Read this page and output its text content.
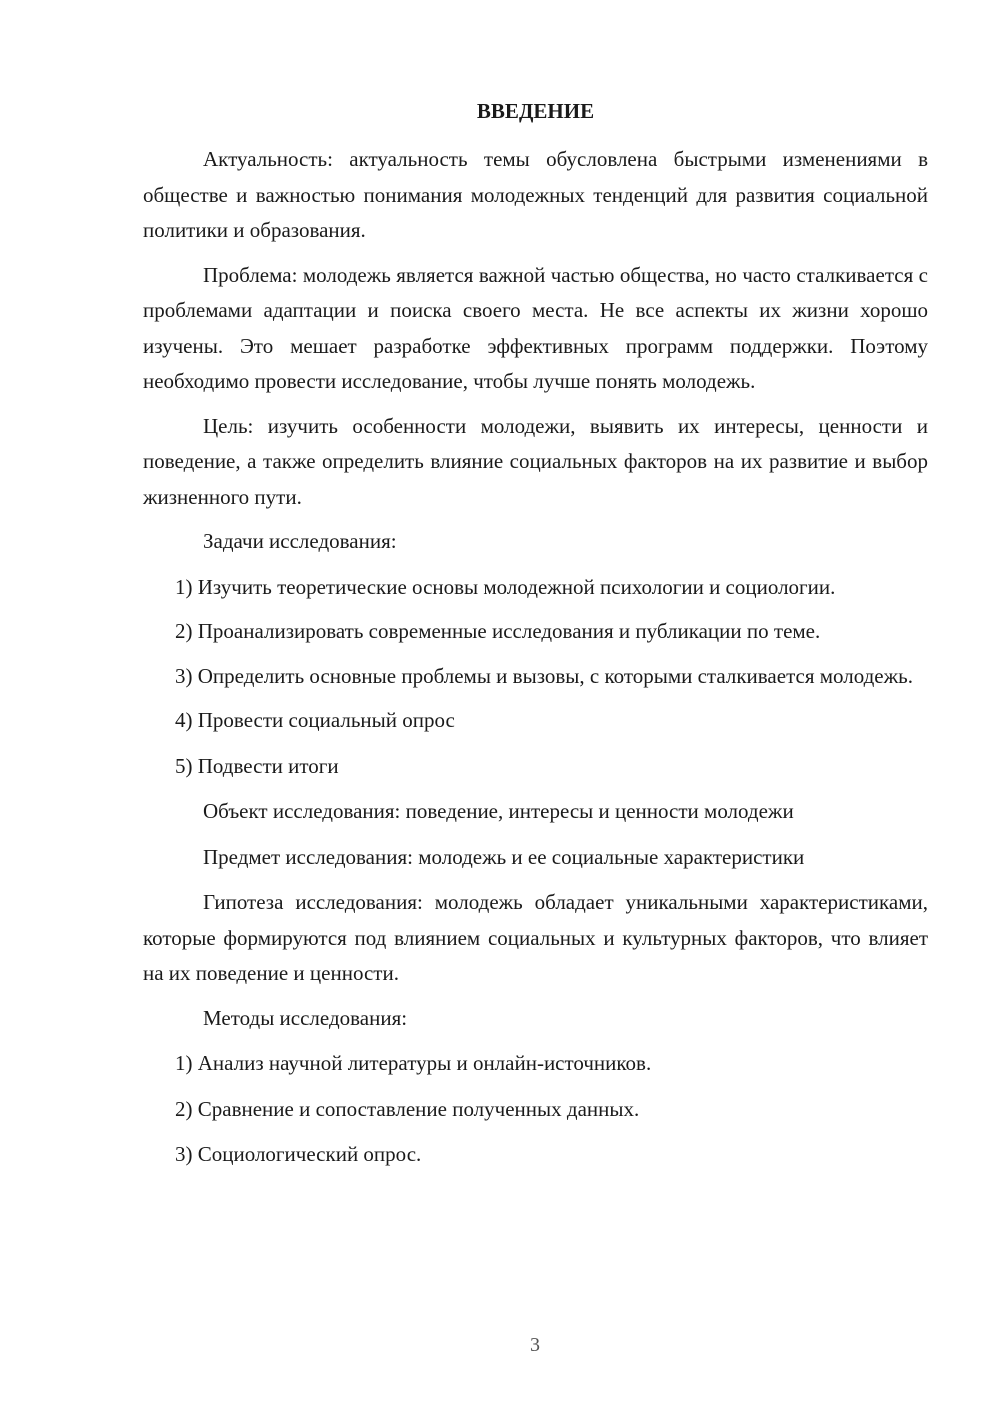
ВВЕДЕНИЕ
Актуальность: актуальность темы обусловлена быстрыми изменениями в обществе и важностью понимания молодежных тенденций для развития социальной политики и образования.
Проблема: молодежь является важной частью общества, но часто сталкивается с проблемами адаптации и поиска своего места. Не все аспекты их жизни хорошо изучены. Это мешает разработке эффективных программ поддержки. Поэтому необходимо провести исследование, чтобы лучше понять молодежь.
Цель: изучить особенности молодежи, выявить их интересы, ценности и поведение, а также определить влияние социальных факторов на их развитие и выбор жизненного пути.
Задачи исследования:
1) Изучить теоретические основы молодежной психологии и социологии.
2) Проанализировать современные исследования и публикации по теме.
3) Определить основные проблемы и вызовы, с которыми сталкивается молодежь.
4) Провести социальный опрос
5) Подвести итоги
Объект исследования: поведение, интересы и ценности молодежи
Предмет исследования: молодежь и ее социальные характеристики
Гипотеза исследования: молодежь обладает уникальными характеристиками, которые формируются под влиянием социальных и культурных факторов, что влияет на их поведение и ценности.
Методы исследования:
1) Анализ научной литературы и онлайн-источников.
2) Сравнение и сопоставление полученных данных.
3) Социологический опрос.
3
